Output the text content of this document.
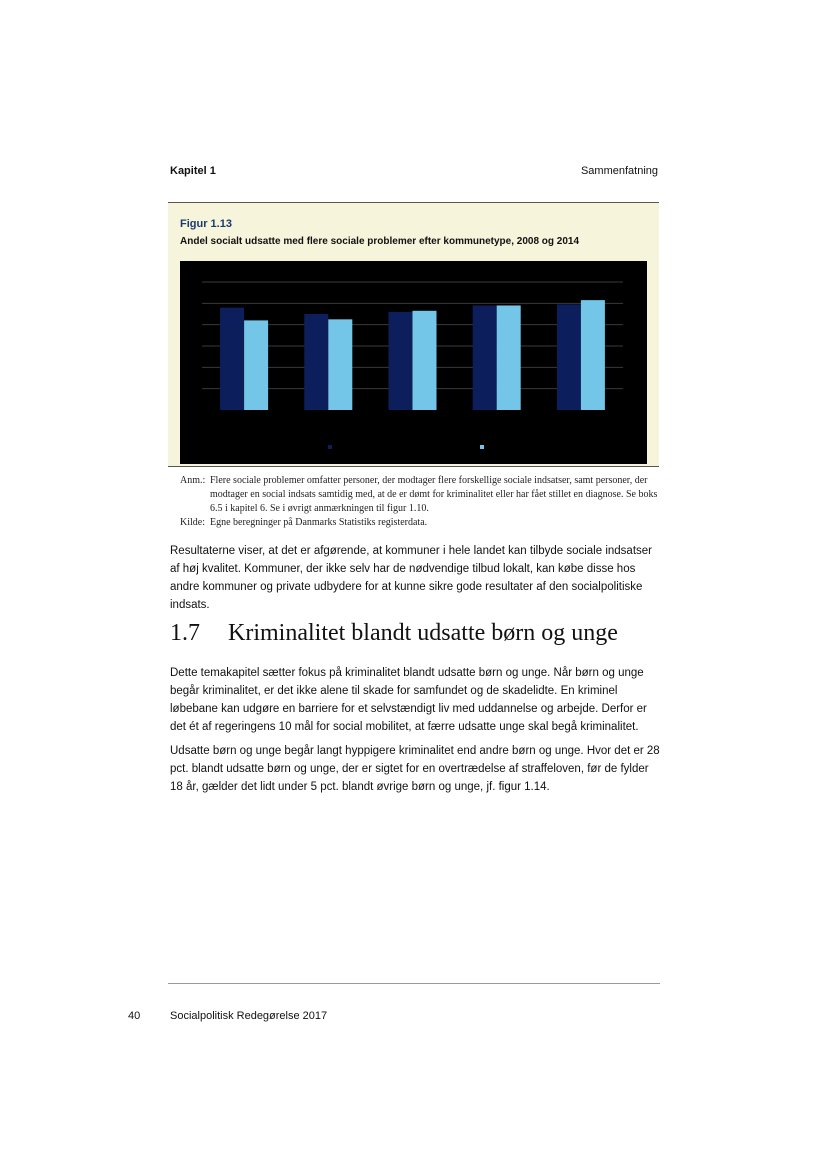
Kapitel 1	Sammenfatning
Figur 1.13
Andel socialt udsatte med flere sociale problemer efter kommunetype, 2008 og 2014
Anm.: Flere sociale problemer omfatter personer, der modtager flere forskellige sociale indsatser, samt personer, der modtager en social indsats samtidig med, at de er dømt for kriminalitet eller har fået stillet en diagnose. Se boks 6.5 i kapitel 6. Se i øvrigt anmærkningen til figur 1.10.
Kilde: Egne beregninger på Danmarks Statistiks registerdata.

Resultaterne viser, at det er afgørende, at kommuner i hele landet kan tilbyde sociale indsatser af høj kvalitet. Kommuner, der ikke selv har de nødvendige tilbud lokalt, kan købe disse hos andre kommuner og private udbydere for at kunne sikre gode resultater af den socialpolitiske indsats.

1.7 Kriminalitet blandt udsatte børn og unge

Dette temakapitel sætter fokus på kriminalitet blandt udsatte børn og unge. Når børn og unge begår kriminalitet, er det ikke alene til skade for samfundet og de skadelidte. En kriminel løbebane kan udgøre en barriere for et selvstændigt liv med uddannelse og arbejde. Derfor er det ét af regeringens 10 mål for social mobilitet, at færre udsatte unge skal begå kriminalitet.

Udsatte børn og unge begår langt hyppigere kriminalitet end andre børn og unge. Hvor det er 28 pct. blandt udsatte børn og unge, der er sigtet for en overtrædelse af straffeloven, før de fylder 18 år, gælder det lidt under 5 pct. blandt øvrige børn og unge, jf. figur 1.14.

40	Socialpolitisk Redegørelse 2017
